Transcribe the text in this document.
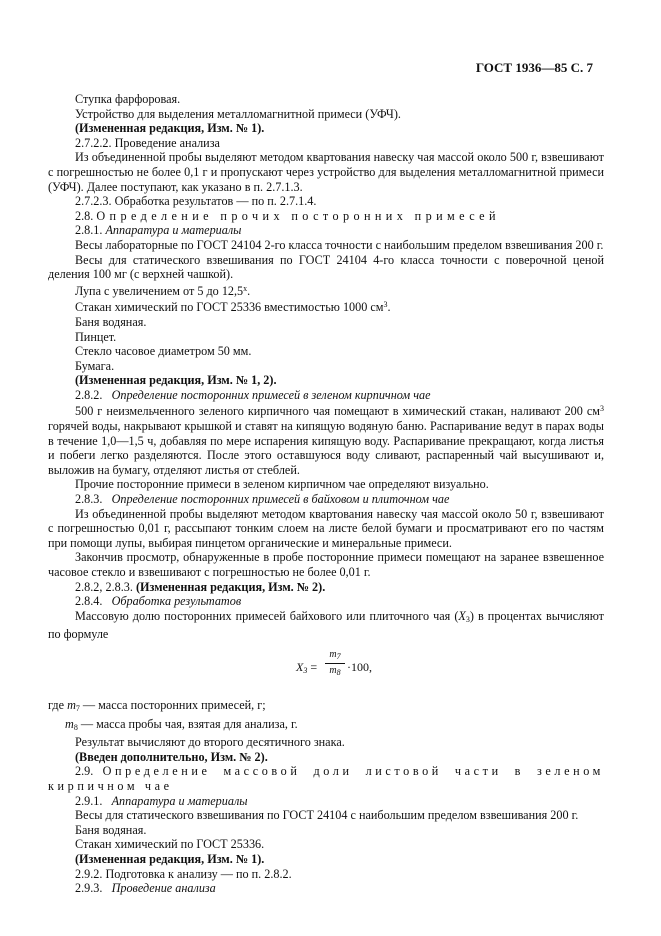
ГОСТ 1936—85 С. 7

Ступка фарфоровая.

Устройство для выделения металломагнитной примеси (УФЧ).

(Измененная редакция, Изм. № 1).

2.7.2.2. Проведение анализа

Из объединенной пробы выделяют методом квартования навеску чая массой около 500 г, взвешивают с погрешностью не более 0,1 г и пропускают через устройство для выделения металломагнитной примеси (УФЧ). Далее поступают, как указано в п. 2.7.1.3.

2.7.2.3. Обработка результатов — по п. 2.7.1.4.

2.8. Определение прочих посторонних примесей

2.8.1. Аппаратура и материалы

Весы лабораторные по ГОСТ 24104 2-го класса точности с наибольшим пределом взвешивания 200 г.

Весы для статического взвешивания по ГОСТ 24104 4-го класса точности с поверочной ценой деления 100 мг (с верхней чашкой).

Лупа с увеличением от 5 до $12,5^х$.

Стакан химический по ГОСТ 25336 вместимостью 1000 $см^3$.

Баня водяная.

Пинцет.

Стекло часовое диаметром 50 мм.

Бумага.

(Измененная редакция, Изм. № 1, 2).

2.8.2. Определение посторонних примесей в зеленом кирпичном чае

500 г неизмельченного зеленого кирпичного чая помещают в химический стакан, наливают 200 $см^3$ горячей воды, накрывают крышкой и ставят на кипящую водяную баню. Распаривание ведут в парах воды в течение 1,0—1,5 ч, добавляя по мере испарения кипящую воду. Распаривание прекращают, когда листья и побеги легко разделяются. После этого оставшуюся воду сливают, распаренный чай высушивают и, выложив на бумагу, отделяют листья от стеблей.

Прочие посторонние примеси в зеленом кирпичном чае определяют визуально.

2.8.3. Определение посторонних примесей в байховом и плиточном чае

Из объединенной пробы выделяют методом квартования навеску чая массой около 50 г, взвешивают с погрешностью 0,01 г, рассыпают тонким слоем на листе белой бумаги и просматривают его по частям при помощи лупы, выбирая пинцетом органические и минеральные примеси.

Закончив просмотр, обнаруженные в пробе посторонние примеси помещают на заранее взвешенное часовое стекло и взвешивают с погрешностью не более 0,01 г.

2.8.2, 2.8.3. (Измененная редакция, Изм. № 2).

2.8.4. Обработка результатов

Массовую долю посторонних примесей байхового или плиточного чая $(X_3)$ в процентах вычисляют по формуле

$X_3 = \frac{m_7}{m_8} \cdot 100$,

где $m_7$ — масса посторонних примесей, г;

$m_8$ — масса пробы чая, взятая для анализа, г.

Результат вычисляют до второго десятичного знака.

(Введен дополнительно, Изм. № 2).

2.9. Определение массовой доли листовой части в зеленом кирпичном чае

2.9.1. Аппаратура и материалы

Весы для статического взвешивания по ГОСТ 24104 с наибольшим пределом взвешивания 200 г.

Баня водяная.

Стакан химический по ГОСТ 25336.

(Измененная редакция, Изм. № 1).

2.9.2. Подготовка к анализу — по п. 2.8.2.

2.9.3. Проведение анализа
